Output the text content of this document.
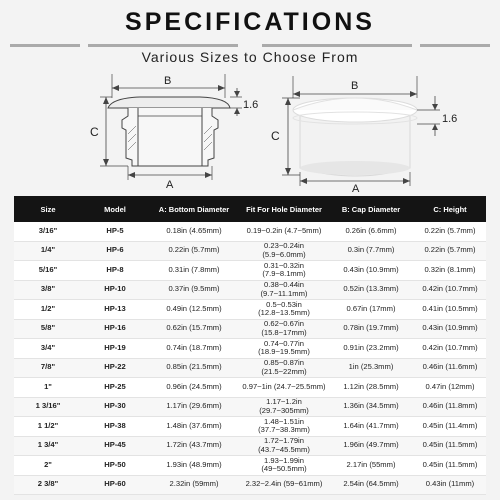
SPECIFICATIONS
Various Sizes to Choose From
B
1.6
C
A
B
1.6
C
A
Size	Model	A: Bottom Diameter	Fit For Hole Diameter	B: Cap Diameter	C: Height
3/16"	HP-5	0.18in (4.65mm)	0.19~0.2in (4.7~5mm)	0.26in (6.6mm)	0.22in (5.7mm)
1/4"	HP-6	0.22in (5.7mm)	0.23~0.24in (5.9~6.0mm)	0.3in (7.7mm)	0.22in (5.7mm)
5/16"	HP-8	0.31in (7.8mm)	0.31~0.32in (7.9~8.1mm)	0.43in (10.9mm)	0.32in (8.1mm)
3/8"	HP-10	0.37in (9.5mm)	0.38~0.44in (9.7~11.1mm)	0.52in (13.3mm)	0.42in (10.7mm)
1/2"	HP-13	0.49in (12.5mm)	0.5~0.53in (12.8~13.5mm)	0.67in (17mm)	0.41in (10.5mm)
5/8"	HP-16	0.62in (15.7mm)	0.62~0.67in (15.8~17mm)	0.78in (19.7mm)	0.43in (10.9mm)
3/4"	HP-19	0.74in (18.7mm)	0.74~0.77in (18.9~19.5mm)	0.91in (23.2mm)	0.42in (10.7mm)
7/8"	HP-22	0.85in (21.5mm)	0.85~0.87in (21.5~22mm)	1in (25.3mm)	0.46in (11.6mm)
1"	HP-25	0.96in (24.5mm)	0.97~1in (24.7~25.5mm)	1.12in (28.5mm)	0.47in (12mm)
1 3/16"	HP-30	1.17in (29.6mm)	1.17~1.2in (29.7~305mm)	1.36in (34.5mm)	0.46in (11.8mm)
1 1/2"	HP-38	1.48in (37.6mm)	1.48~1.51in (37.7~38.3mm)	1.64in (41.7mm)	0.45in (11.4mm)
1 3/4"	HP-45	1.72in (43.7mm)	1.72~1.79in (43.7~45.5mm)	1.96in (49.7mm)	0.45in (11.5mm)
2"	HP-50	1.93in (48.9mm)	1.93~1.99in (49~50.5mm)	2.17in (55mm)	0.45in (11.5mm)
2 3/8"	HP-60	2.32in (59mm)	2.32~2.4in (59~61mm)	2.54in (64.5mm)	0.43in (11mm)
